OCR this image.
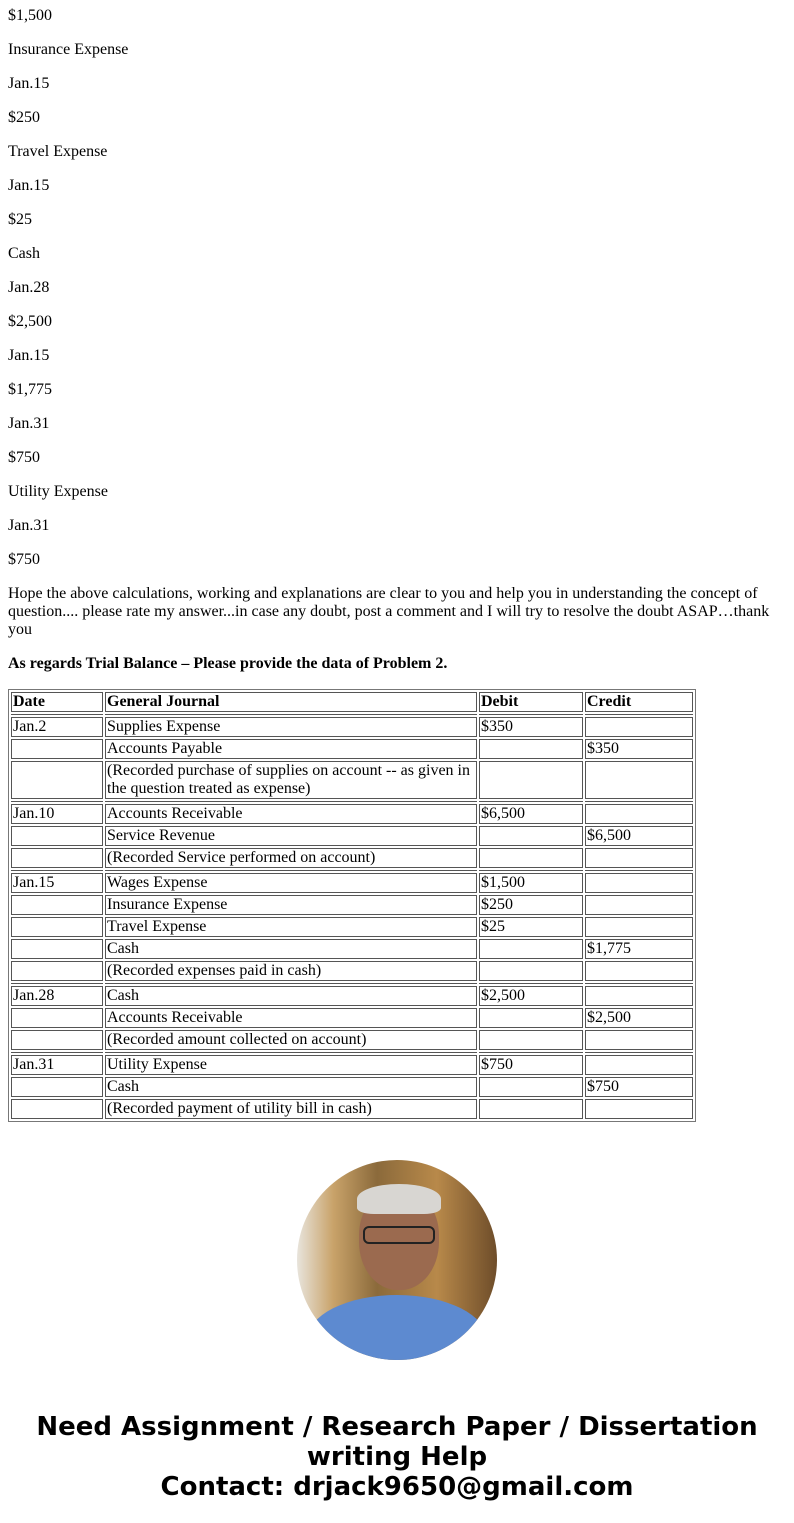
$1,500

Insurance Expense

Jan.15

$250

Travel Expense

Jan.15

$25

Cash

Jan.28

$2,500

Jan.15

$1,775

Jan.31

$750

Utility Expense

Jan.31

$750

Hope the above calculations, working and explanations are clear to you and help you in understanding the concept of question.... please rate my answer...in case any doubt, post a comment and I will try to resolve the doubt ASAP…thank you

As regards Trial Balance – Please provide the data of Problem 2.

Date	General Journal	Debit	Credit

Jan.2	Supplies Expense	$350	
	Accounts Payable		$350
	(Recorded purchase of supplies on account -- as given in the question treated as expense)		

Jan.10	Accounts Receivable	$6,500	
	Service Revenue		$6,500
	(Recorded Service performed on account)		

Jan.15	Wages Expense	$1,500	
	Insurance Expense	$250	
	Travel Expense	$25	
	Cash		$1,775
	(Recorded expenses paid in cash)		

Jan.28	Cash	$2,500	
	Accounts Receivable		$2,500
	(Recorded amount collected on account)		

Jan.31	Utility Expense	$750	
	Cash		$750
	(Recorded payment of utility bill in cash)		
Need Assignment / Research Paper / Dissertation writing Help
Contact: drjack9650@gmail.com
